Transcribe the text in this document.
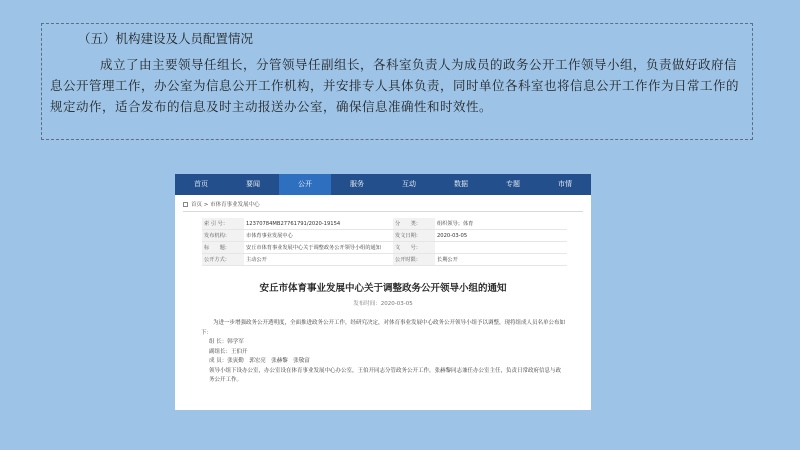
（五）机构建设及人员配置情况

成立了由主要领导任组长，分管领导任副组长，各科室负责人为成员的政务公开工作领导小组，负责做好政府信息公开管理工作，办公室为信息公开工作机构，并安排专人具体负责，同时单位各科室也将信息公开工作作为日常工作的规定动作，适合发布的信息及时主动报送办公室，确保信息准确性和时效性。

首页	要闻	公开	服务	互动	数据	专题	市情
首页 > 市体育事业发展中心
索 引 号：	12370784MB27761791/2020-19154	分　　类：	组织领导；体育
发布机构：	市体育事业发展中心	发文日期：	2020-03-05
标　　题：	安丘市体育事业发展中心关于调整政务公开领导小组的通知	文　　号：	
公开方式：	主动公开	公开时限：	长期公开
安丘市体育事业发展中心关于调整政务公开领导小组的通知
发布时间：2020-03-05

为进一步增强政务公开透明度，全面推进政务公开工作，经研究决定，对体育事业发展中心政务公开领导小组予以调整，现将组成人员名单公布如下：

组 长：韩学军

副组长：王伯开

成 员：张寅勤　郭宏亮　张赫黎　张敬富

领导小组下设办公室，办公室设在体育事业发展中心办公室，王伯开同志分管政务公开工作，张赫黎同志兼任办公室主任，负责日常政府信息与政务公开工作。
